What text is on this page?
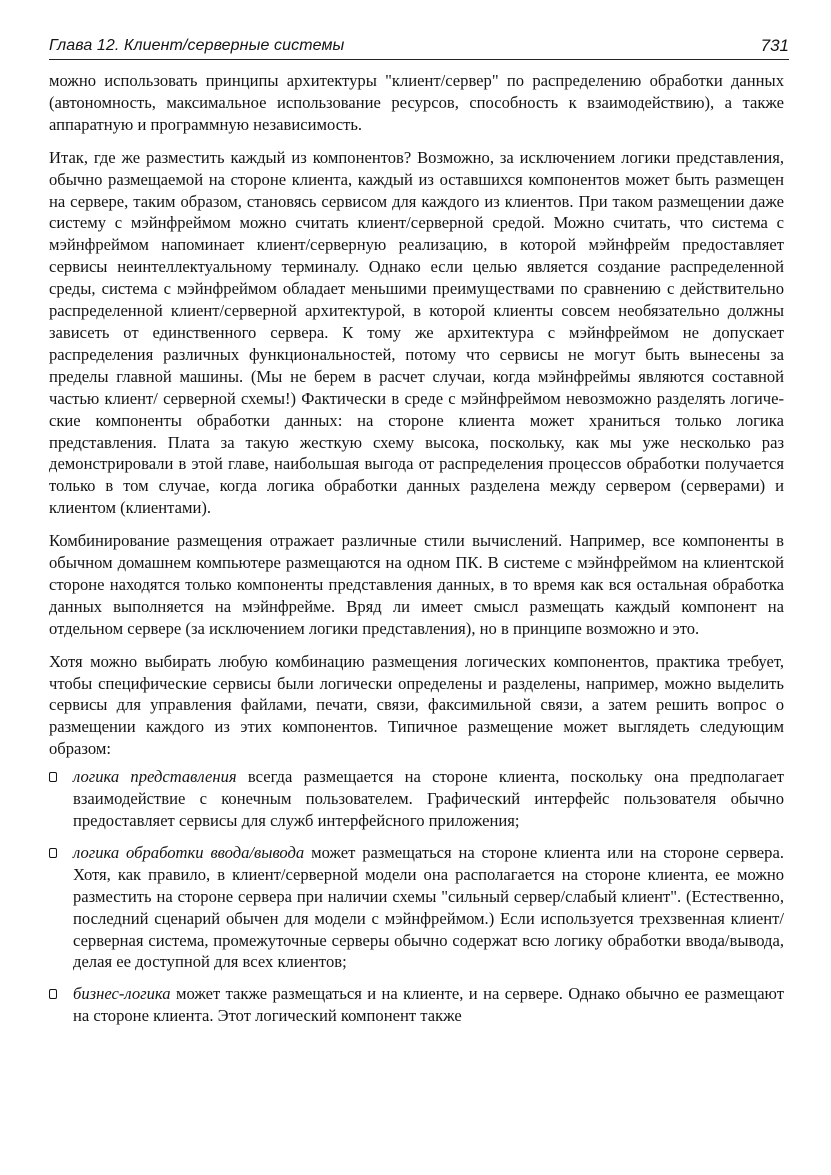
Глава 12. Клиент/серверные системы	731

можно использовать принципы архитектуры "клиент/сервер" по распределению обработки данных (автономность, максимальное использование ресурсов, способность к взаимодействию), а также аппаратную и программную независимость.

Итак, где же разместить каждый из компонентов? Возможно, за исключением логики представления, обычно размещаемой на стороне клиента, каждый из оставшихся компонентов может быть размещен на сервере, таким образом, становясь сервисом для каждого из клиентов. При таком размещении даже систему с мэйнфреймом можно считать клиент/серверной средой. Можно считать, что система с мэйнфреймом напоминает клиент/серверную реализацию, в которой мэйнфрейм предоставляет сервисы неинтеллектуальному терминалу. Однако если целью является создание распределенной среды, система с мэйнфреймом обладает меньшими преимуществами по сравнению с действительно распределенной клиент/серверной архитектурой, в которой клиенты совсем необязательно должны зависеть от единственного сервера. К тому же архитектура с мэйнфреймом не допускает распределения различных функциональностей, потому что сервисы не могут быть вынесены за пределы главной машины. (Мы не берем в расчет случаи, когда мэйнфреймы являются составной частью клиент/ серверной схемы!) Фактически в среде с мэйнфреймом невозможно разделять логические компоненты обработки данных: на стороне клиента может храниться только логика представления. Плата за такую жесткую схему высока, поскольку, как мы уже несколько раз демонстрировали в этой главе, наибольшая выгода от распределения процессов обработки получается только в том случае, когда логика обработки данных разделена между сервером (серверами) и клиентом (клиентами).

Комбинирование размещения отражает различные стили вычислений. Например, все компоненты в обычном домашнем компьютере размещаются на одном ПК. В системе с мэйнфреймом на клиентской стороне находятся только компоненты представления данных, в то время как вся остальная обработка данных выполняется на мэйнфрейме. Вряд ли имеет смысл размещать каждый компонент на отдельном сервере (за исключением логики представления), но в принципе возможно и это.

Хотя можно выбирать любую комбинацию размещения логических компонентов, практика требует, чтобы специфические сервисы были логически определены и разделены, например, можно выделить сервисы для управления файлами, печати, связи, факсимильной связи, а затем решить вопрос о размещении каждого из этих компонентов. Типичное размещение может выглядеть следующим образом:

логика представления всегда размещается на стороне клиента, поскольку она предполагает взаимодействие с конечным пользователем. Графический интерфейс пользователя обычно предоставляет сервисы для служб интерфейсного приложения;
логика обработки ввода/вывода может размещаться на стороне клиента или на стороне сервера. Хотя, как правило, в клиент/серверной модели она располагается на стороне клиента, ее можно разместить на стороне сервера при наличии схемы "сильный сервер/слабый клиент". (Естественно, последний сценарий обычен для модели с мэйнфреймом.) Если используется трехзвенная клиент/серверная система, промежуточные серверы обычно содержат всю логику обработки ввода/вывода, делая ее доступной для всех клиентов;
бизнес-логика может также размещаться и на клиенте, и на сервере. Однако обычно ее размещают на стороне клиента. Этот логический компонент также
